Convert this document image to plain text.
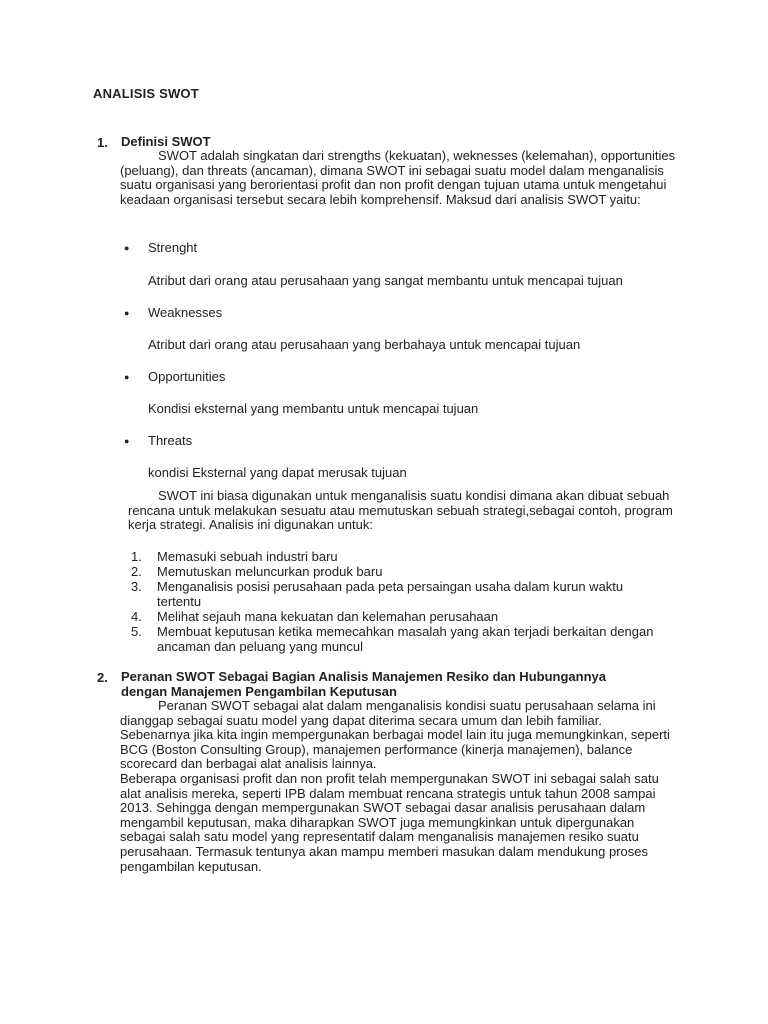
ANALISIS SWOT
1. Definisi SWOT
SWOT adalah singkatan dari strengths (kekuatan), weknesses (kelemahan), opportunities (peluang), dan threats (ancaman), dimana SWOT ini sebagai suatu model dalam menganalisis suatu organisasi yang berorientasi profit dan non profit dengan tujuan utama untuk mengetahui keadaan organisasi tersebut secara lebih komprehensif. Maksud dari analisis SWOT yaitu:
● Strenght
Atribut dari orang atau perusahaan yang sangat membantu untuk mencapai tujuan
● Weaknesses
Atribut dari orang atau perusahaan yang berbahaya untuk mencapai tujuan
● Opportunities
Kondisi eksternal yang membantu untuk mencapai tujuan
● Threats
kondisi Eksternal yang dapat merusak tujuan
SWOT ini biasa digunakan untuk menganalisis suatu kondisi dimana akan dibuat sebuah rencana untuk melakukan sesuatu atau memutuskan sebuah strategi,sebagai contoh, program kerja strategi. Analisis ini digunakan untuk:
1.	Memasuki sebuah industri baru
2.	Memutuskan meluncurkan produk baru
3.	Menganalisis posisi perusahaan pada peta persaingan usaha dalam kurun waktu tertentu
4.	Melihat sejauh mana kekuatan dan kelemahan perusahaan
5.	Membuat keputusan ketika memecahkan masalah yang akan terjadi berkaitan dengan ancaman dan peluang yang muncul
2. Peranan SWOT Sebagai Bagian Analisis Manajemen Resiko dan Hubungannya dengan Manajemen Pengambilan Keputusan
Peranan SWOT sebagai alat dalam menganalisis kondisi suatu perusahaan selama ini dianggap sebagai suatu model yang dapat diterima secara umum dan lebih familiar. Sebenarnya jika kita ingin mempergunakan berbagai model lain itu juga memungkinkan, seperti BCG (Boston Consulting Group), manajemen performance (kinerja manajemen), balance scorecard dan berbagai alat analisis lainnya.
Beberapa organisasi profit dan non profit telah mempergunakan SWOT ini sebagai salah satu alat analisis mereka, seperti IPB dalam membuat rencana strategis untuk tahun 2008 sampai 2013. Sehingga dengan mempergunakan SWOT sebagai dasar analisis perusahaan dalam mengambil keputusan, maka diharapkan SWOT juga memungkinkan untuk dipergunakan sebagai salah satu model yang representatif dalam menganalisis manajemen resiko suatu perusahaan. Termasuk tentunya akan mampu memberi masukan dalam mendukung proses pengambilan keputusan.
